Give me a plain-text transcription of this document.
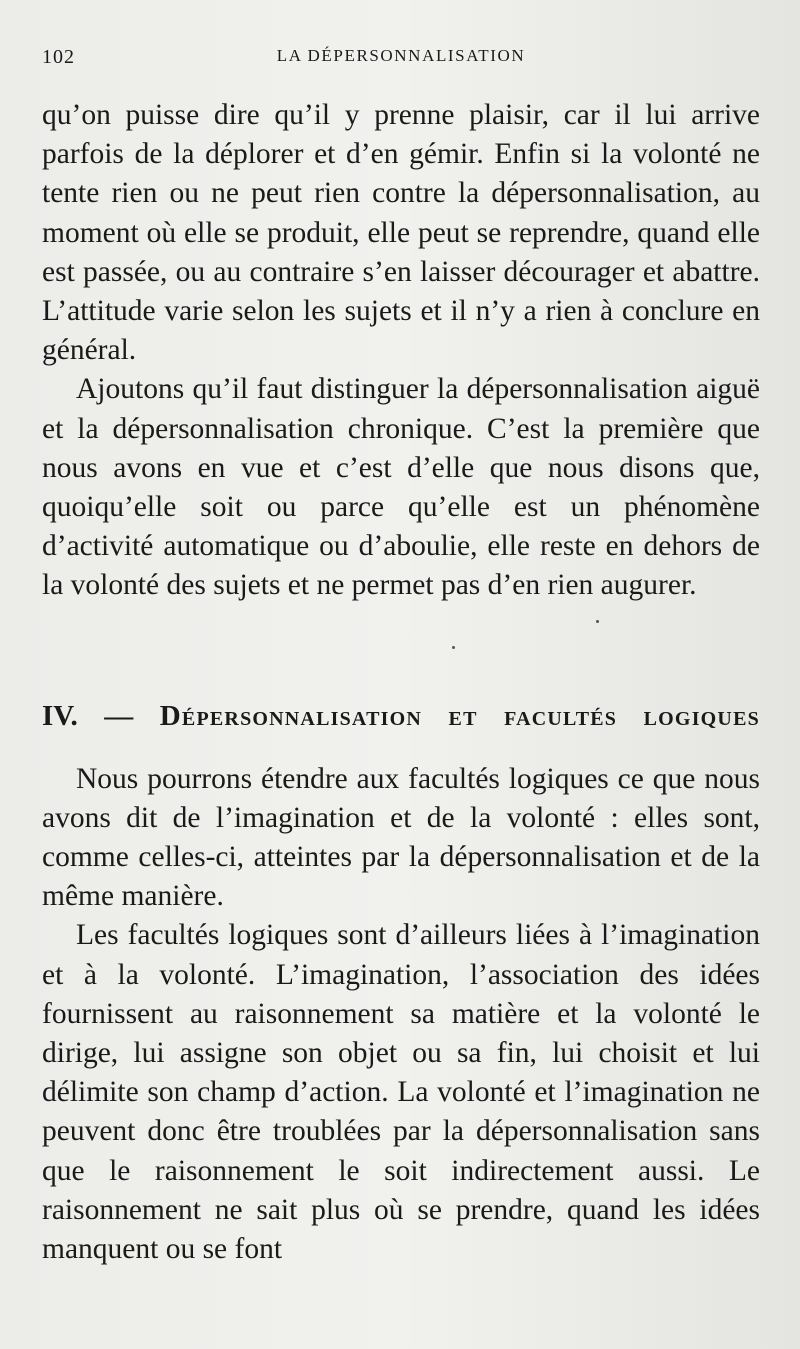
102	LA DÉPERSONNALISATION

qu’on puisse dire qu’il y prenne plaisir, car il lui arrive parfois de la déplorer et d’en gémir. Enfin si la volonté ne tente rien ou ne peut rien contre la dépersonnalisation, au moment où elle se produit, elle peut se reprendre, quand elle est passée, ou au contraire s’en laisser décourager et abattre. L’attitude varie selon les sujets et il n’y a rien à conclure en général.

Ajoutons qu’il faut distinguer la dépersonnalisation aiguë et la dépersonnalisation chronique. C’est la première que nous avons en vue et c’est d’elle que nous disons que, quoiqu’elle soit ou parce qu’elle est un phénomène d’activité automatique ou d’aboulie, elle reste en dehors de la volonté des sujets et ne permet pas d’en rien augurer.

IV. — Dépersonnalisation et facultés logiques

Nous pourrons étendre aux facultés logiques ce que nous avons dit de l’imagination et de la volonté : elles sont, comme celles-ci, atteintes par la dépersonnalisation et de la même manière.

Les facultés logiques sont d’ailleurs liées à l’imagination et à la volonté. L’imagination, l’association des idées fournissent au raisonnement sa matière et la volonté le dirige, lui assigne son objet ou sa fin, lui choisit et lui délimite son champ d’action. La volonté et l’imagination ne peuvent donc être troublées par la dépersonnalisation sans que le raisonnement le soit indirectement aussi. Le raisonnement ne sait plus où se prendre, quand les idées manquent ou se font
